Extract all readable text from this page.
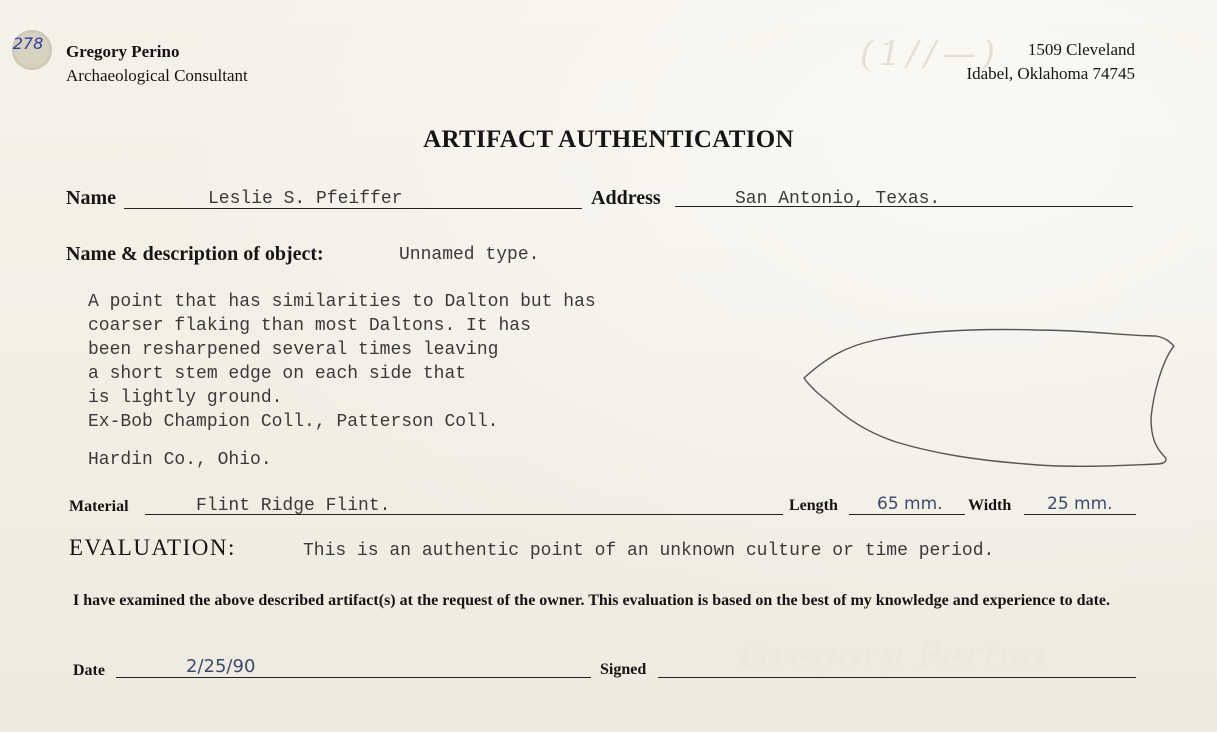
278 Gregory Perino
Archaeological Consultant
(1//—)	1509 Cleveland
Idabel, Oklahoma 74745
ARTIFACT AUTHENTICATION
Name	Leslie S. Pfeiffer	Address	San Antonio, Texas.
Name & description of object:	Unnamed type.
A point that has similarities to Dalton but has
coarser flaking than most Daltons. It has
been resharpened several times leaving
a short stem edge on each side that
is lightly ground.
Ex-Bob Champion Coll., Patterson Coll.
Hardin Co., Ohio.
Material	Flint Ridge Flint.	Length 65 mm. Width 25 mm.
EVALUATION:	This is an authentic point of an unknown culture or time period.
I have examined the above described artifact(s) at the request of the owner. This evaluation is based on the best of my knowledge and experience to date.
Date	2/25/90	Signed	Gregory Perino
